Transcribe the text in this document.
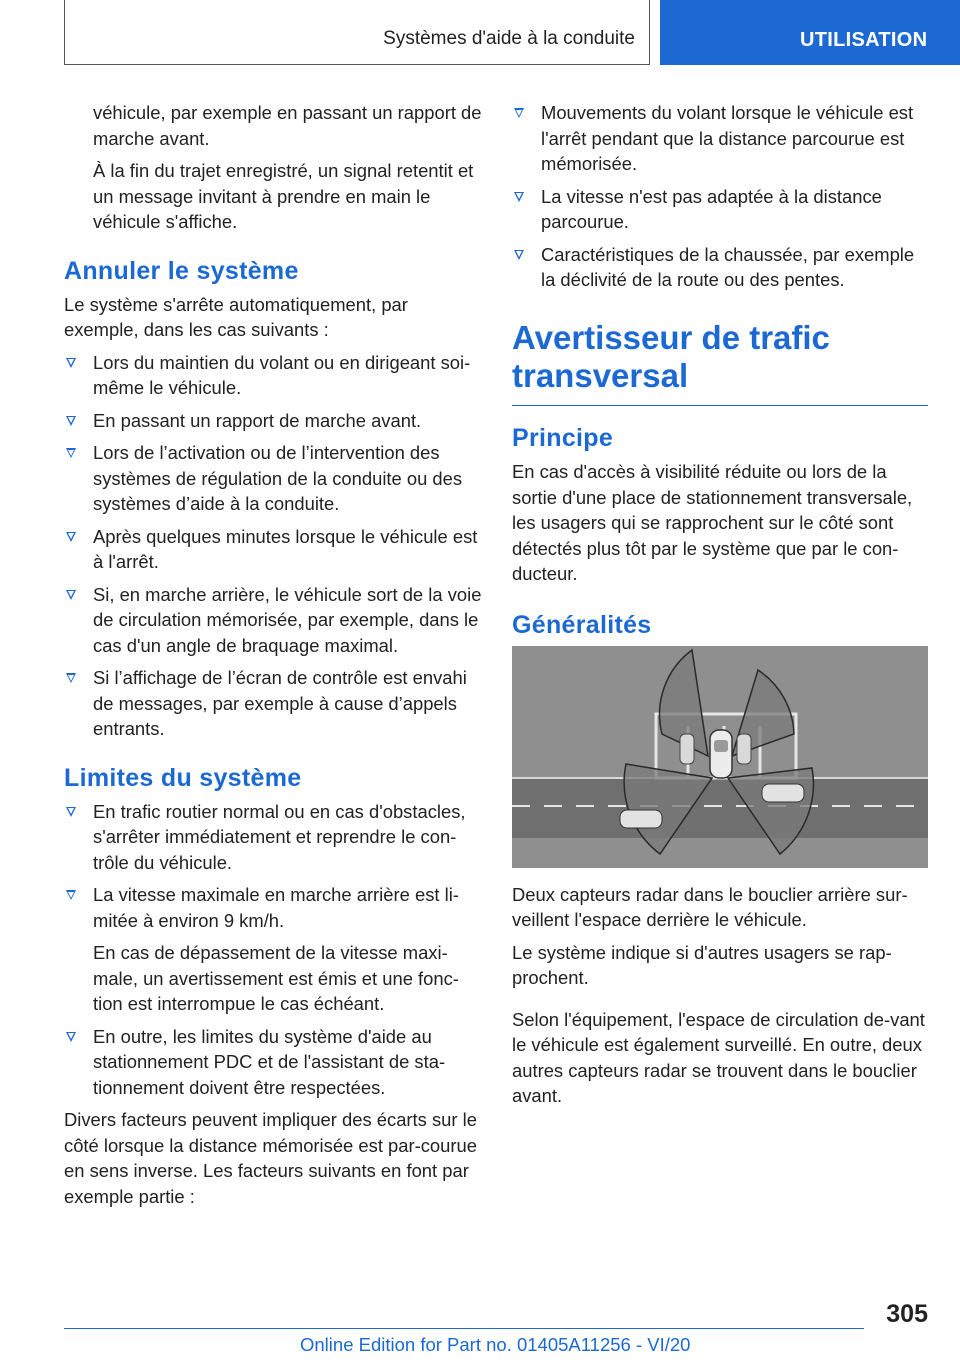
Systèmes d'aide à la conduite	UTILISATION

véhicule, par exemple en passant un rapport de marche avant.

À la fin du trajet enregistré, un signal retentit et un message invitant à prendre en main le véhicule s'affiche.

Annuler le système

Le système s'arrête automatiquement, par exemple, dans les cas suivants :

Lors du maintien du volant ou en dirigeant soi-même le véhicule.

En passant un rapport de marche avant.

Lors de l’activation ou de l’intervention des systèmes de régulation de la conduite ou des systèmes d’aide à la conduite.

Après quelques minutes lorsque le véhicule est à l'arrêt.

Si, en marche arrière, le véhicule sort de la voie de circulation mémorisée, par exemple, dans le cas d'un angle de braquage maximal.

Si l’affichage de l’écran de contrôle est envahi de messages, par exemple à cause d’appels entrants.

Limites du système

En trafic routier normal ou en cas d'obstacles, s'arrêter immédiatement et reprendre le con-trôle du véhicule.

La vitesse maximale en marche arrière est li-mitée à environ 9 km/h.

En cas de dépassement de la vitesse maxi-male, un avertissement est émis et une fonc-tion est interrompue le cas échéant.

En outre, les limites du système d'aide au stationnement PDC et de l'assistant de sta-tionnement doivent être respectées.

Divers facteurs peuvent impliquer des écarts sur le côté lorsque la distance mémorisée est par-courue en sens inverse. Les facteurs suivants en font par exemple partie :

Mouvements du volant lorsque le véhicule est l'arrêt pendant que la distance parcourue est mémorisée.

La vitesse n'est pas adaptée à la distance parcourue.

Caractéristiques de la chaussée, par exemple la déclivité de la route ou des pentes.

Avertisseur de trafic transversal
Principe

En cas d'accès à visibilité réduite ou lors de la sortie d'une place de stationnement transversale, les usagers qui se rapprochent sur le côté sont détectés plus tôt par le système que par le con-ducteur.

Généralités

Deux capteurs radar dans le bouclier arrière sur-veillent l'espace derrière le véhicule.

Le système indique si d'autres usagers se rap-prochent.

Selon l'équipement, l'espace de circulation de-vant le véhicule est également surveillé. En outre, deux autres capteurs radar se trouvent dans le bouclier avant.

305
Online Edition for Part no. 01405A11256 - VI/20
